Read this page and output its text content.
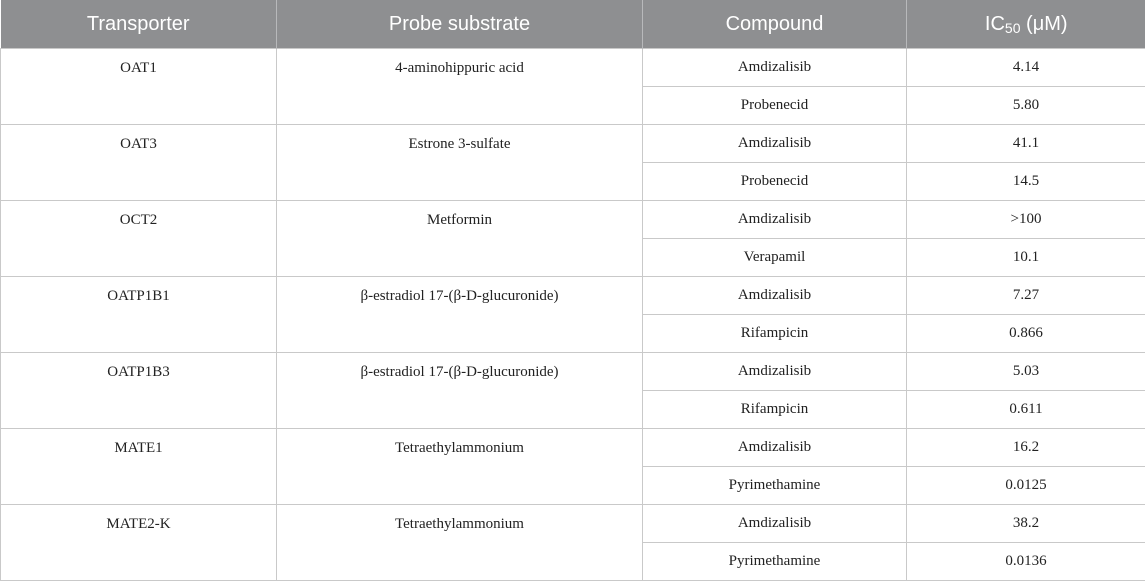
Transporter	Probe substrate	Compound	$IC_{50}$ (μM)
OAT1	4-aminohippuric acid	Amdizalisib	4.14
		Probenecid	5.80
OAT3	Estrone 3-sulfate	Amdizalisib	41.1
		Probenecid	14.5
OCT2	Metformin	Amdizalisib	>100
		Verapamil	10.1
OATP1B1	β-estradiol 17-(β-D-glucuronide)	Amdizalisib	7.27
		Rifampicin	0.866
OATP1B3	β-estradiol 17-(β-D-glucuronide)	Amdizalisib	5.03
		Rifampicin	0.611
MATE1	Tetraethylammonium	Amdizalisib	16.2
		Pyrimethamine	0.0125
MATE2-K	Tetraethylammonium	Amdizalisib	38.2
		Pyrimethamine	0.0136
